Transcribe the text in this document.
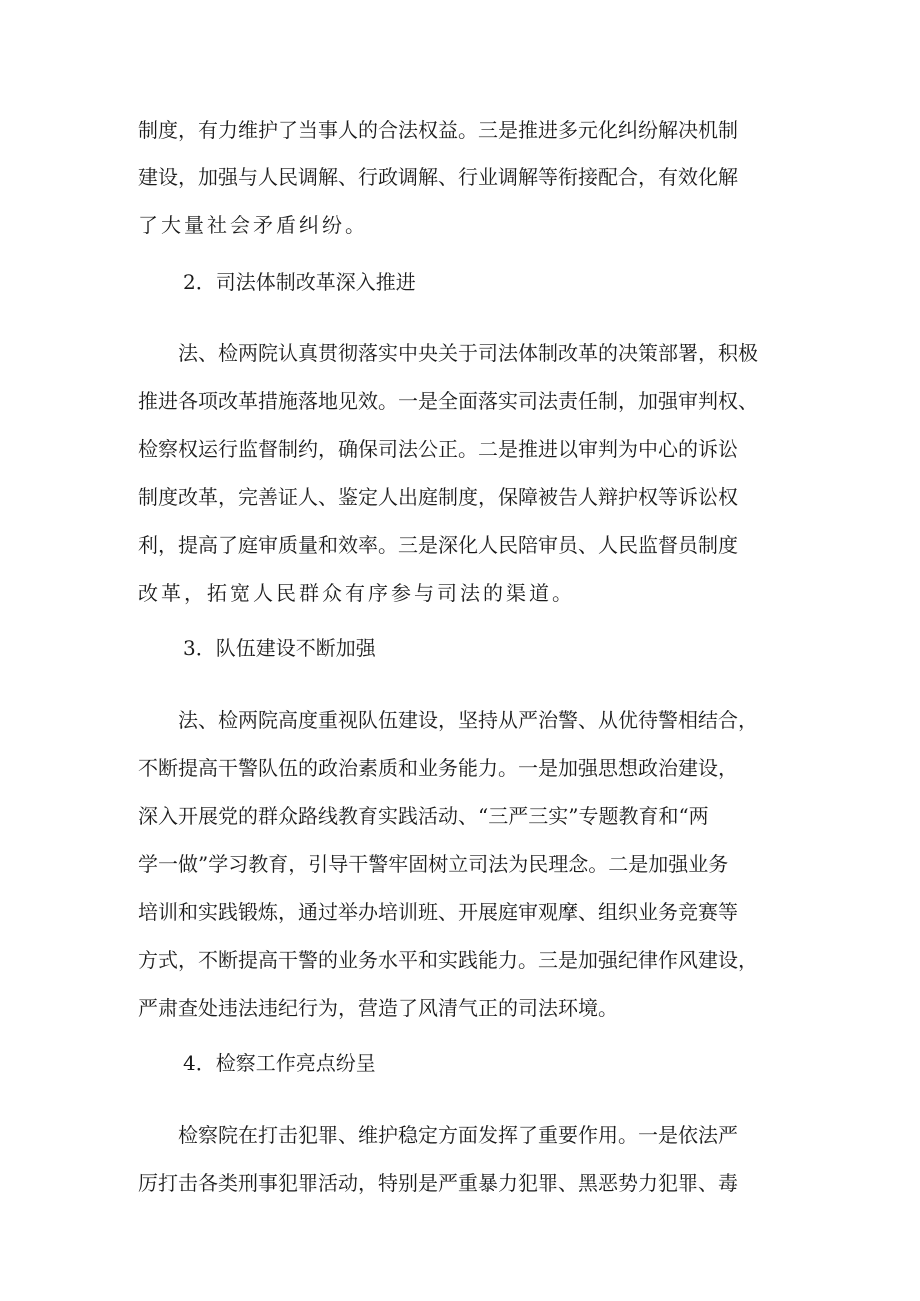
制度，有力维护了当事人的合法权益。三是推进多元化纠纷解决机制
建设，加强与人民调解、行政调解、行业调解等衔接配合，有效化解
了大量社会矛盾纠纷。
2．司法体制改革深入推进
法、检两院认真贯彻落实中央关于司法体制改革的决策部署，积极
推进各项改革措施落地见效。一是全面落实司法责任制，加强审判权、
检察权运行监督制约，确保司法公正。二是推进以审判为中心的诉讼
制度改革，完善证人、鉴定人出庭制度，保障被告人辩护权等诉讼权
利，提高了庭审质量和效率。三是深化人民陪审员、人民监督员制度
改革，拓宽人民群众有序参与司法的渠道。
3．队伍建设不断加强
法、检两院高度重视队伍建设，坚持从严治警、从优待警相结合，
不断提高干警队伍的政治素质和业务能力。一是加强思想政治建设，
深入开展党的群众路线教育实践活动、“三严三实”专题教育和“两
学一做”学习教育，引导干警牢固树立司法为民理念。二是加强业务
培训和实践锻炼，通过举办培训班、开展庭审观摩、组织业务竞赛等
方式，不断提高干警的业务水平和实践能力。三是加强纪律作风建设，
严肃查处违法违纪行为，营造了风清气正的司法环境。
4．检察工作亮点纷呈
检察院在打击犯罪、维护稳定方面发挥了重要作用。一是依法严
厉打击各类刑事犯罪活动，特别是严重暴力犯罪、黑恶势力犯罪、毒
